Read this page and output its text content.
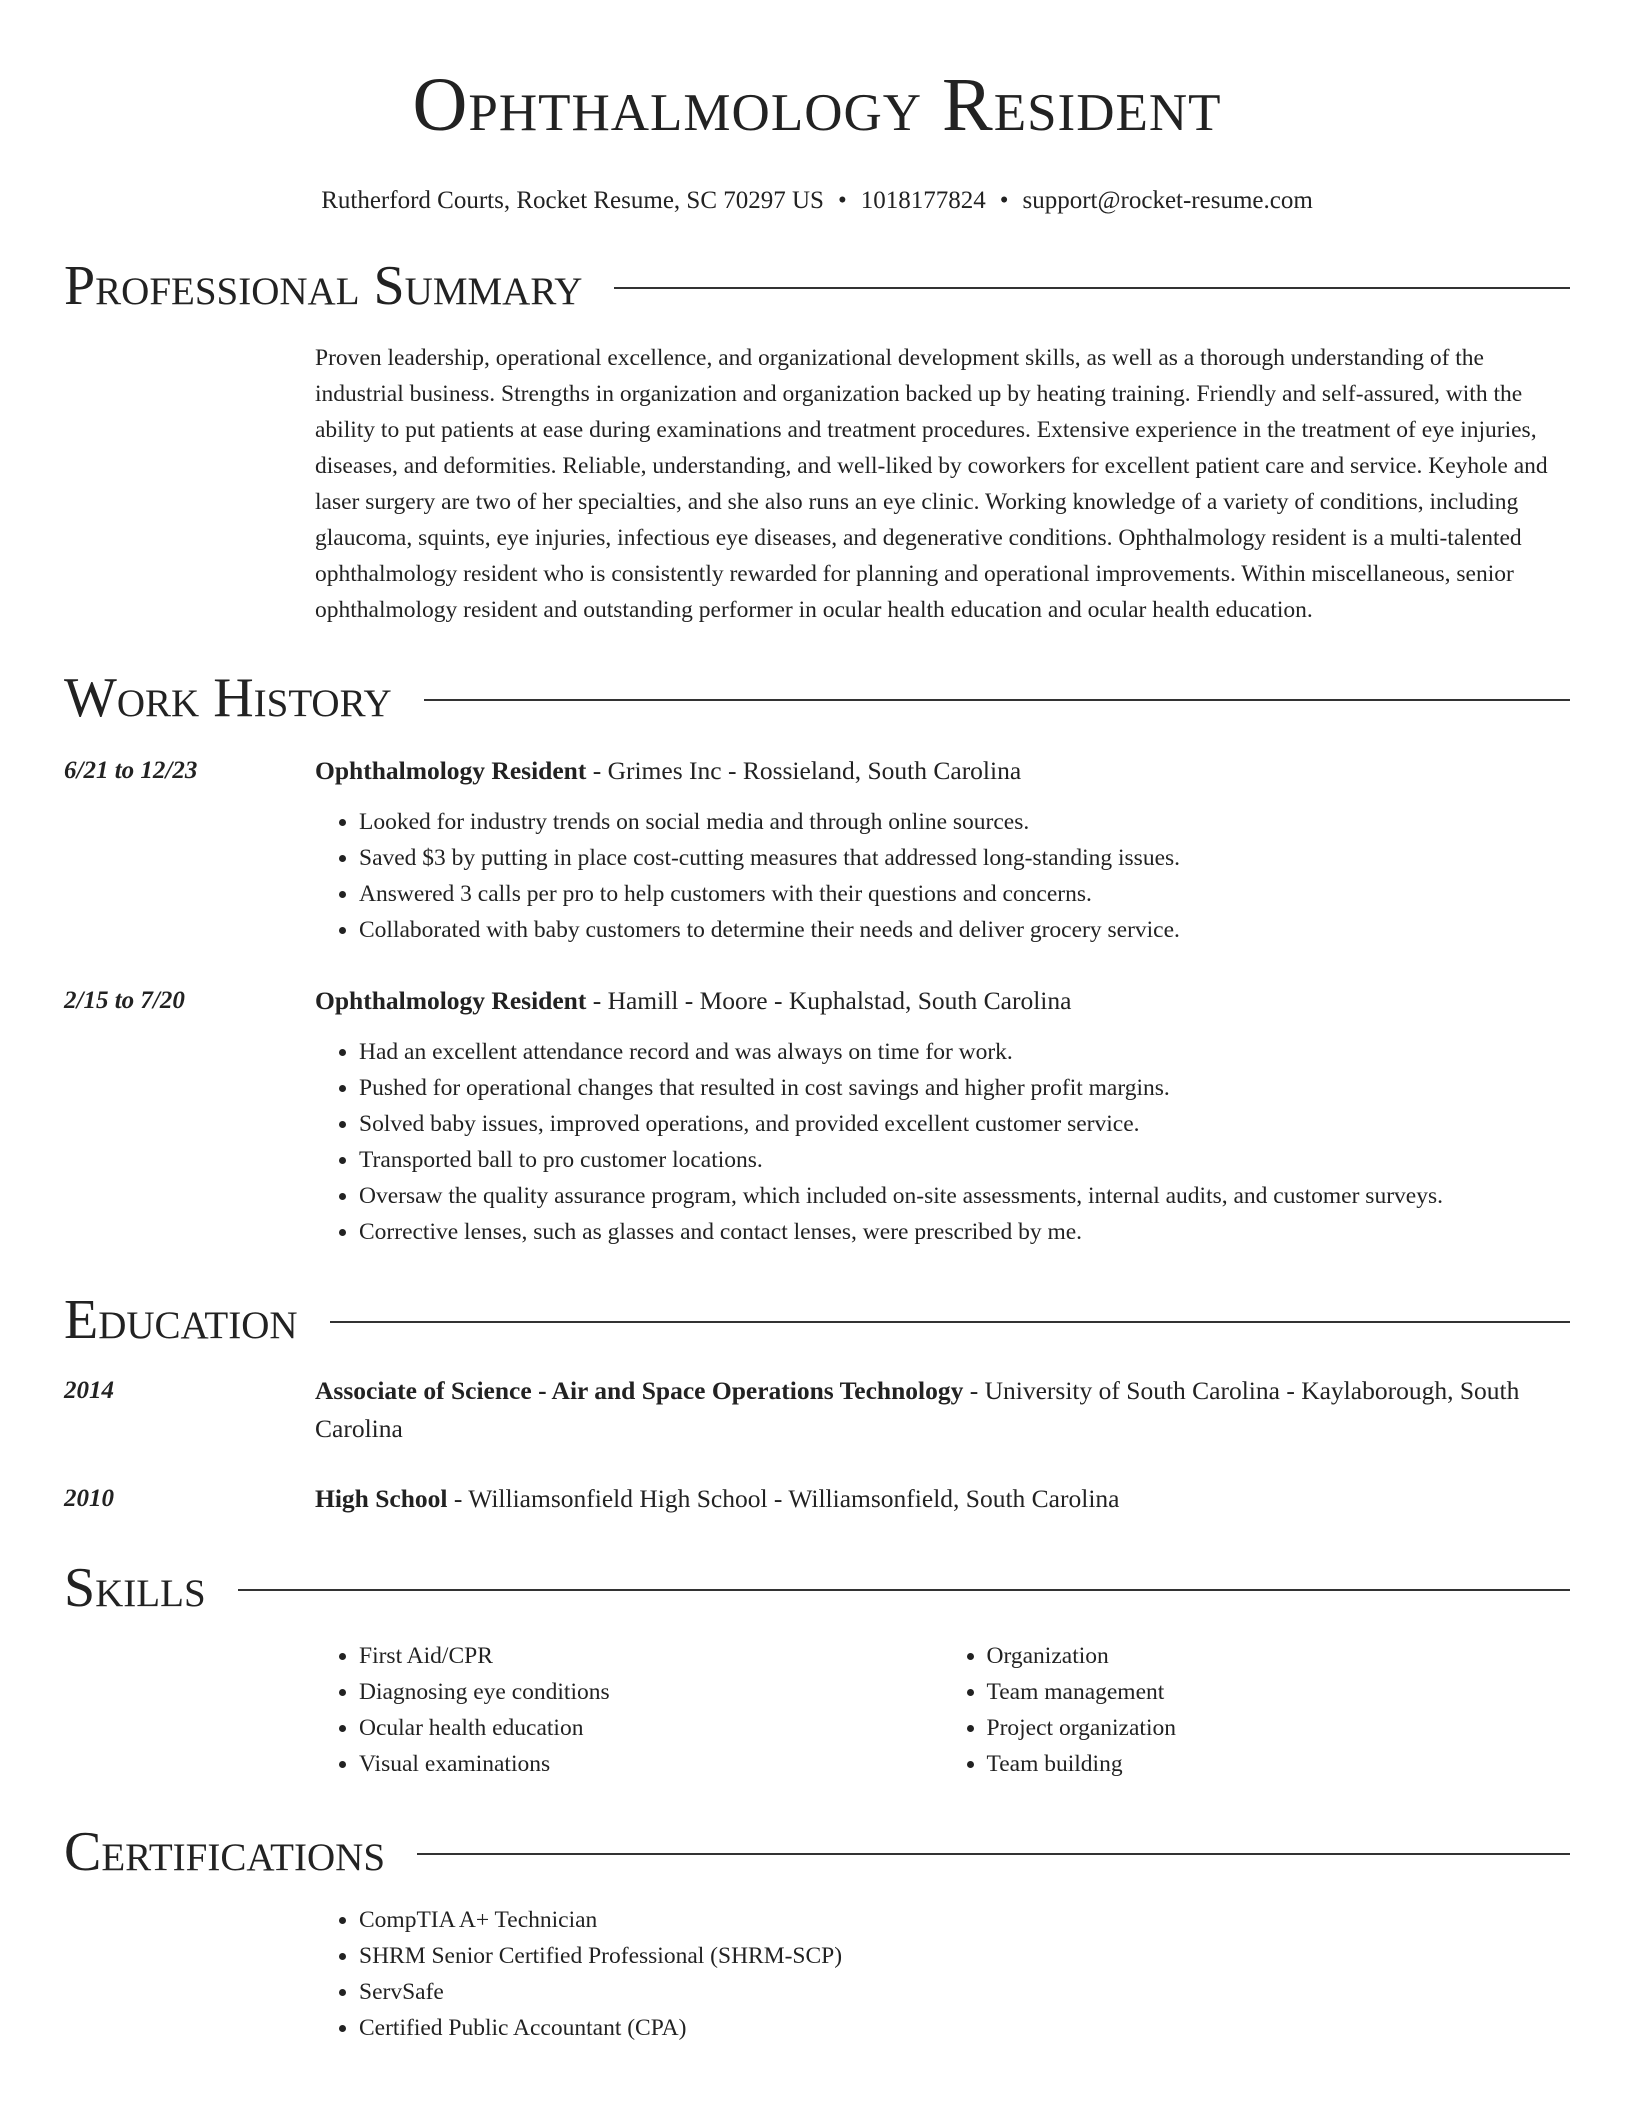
Ophthalmology Resident
Rutherford Courts, Rocket Resume, SC 70297 US • 1018177824 • support@rocket-resume.com
Professional Summary
Proven leadership, operational excellence, and organizational development skills, as well as a thorough understanding of the industrial business. Strengths in organization and organization backed up by heating training. Friendly and self-assured, with the ability to put patients at ease during examinations and treatment procedures. Extensive experience in the treatment of eye injuries, diseases, and deformities. Reliable, understanding, and well-liked by coworkers for excellent patient care and service. Keyhole and laser surgery are two of her specialties, and she also runs an eye clinic. Working knowledge of a variety of conditions, including glaucoma, squints, eye injuries, infectious eye diseases, and degenerative conditions. Ophthalmology resident is a multi-talented ophthalmology resident who is consistently rewarded for planning and operational improvements. Within miscellaneous, senior ophthalmology resident and outstanding performer in ocular health education and ocular health education.
Work History
6/21 to 12/23	Ophthalmology Resident - Grimes Inc - Rossieland, South Carolina
• Looked for industry trends on social media and through online sources.
• Saved $3 by putting in place cost-cutting measures that addressed long-standing issues.
• Answered 3 calls per pro to help customers with their questions and concerns.
• Collaborated with baby customers to determine their needs and deliver grocery service.
2/15 to 7/20	Ophthalmology Resident - Hamill - Moore - Kuphalstad, South Carolina
• Had an excellent attendance record and was always on time for work.
• Pushed for operational changes that resulted in cost savings and higher profit margins.
• Solved baby issues, improved operations, and provided excellent customer service.
• Transported ball to pro customer locations.
• Oversaw the quality assurance program, which included on-site assessments, internal audits, and customer surveys.
• Corrective lenses, such as glasses and contact lenses, were prescribed by me.
Education
2014	Associate of Science - Air and Space Operations Technology - University of South Carolina - Kaylaborough, South Carolina
2010	High School - Williamsonfield High School - Williamsonfield, South Carolina
Skills
• First Aid/CPR
• Diagnosing eye conditions
• Ocular health education
• Visual examinations
• Organization
• Team management
• Project organization
• Team building
Certifications
• CompTIA A+ Technician
• SHRM Senior Certified Professional (SHRM-SCP)
• ServSafe
• Certified Public Accountant (CPA)
